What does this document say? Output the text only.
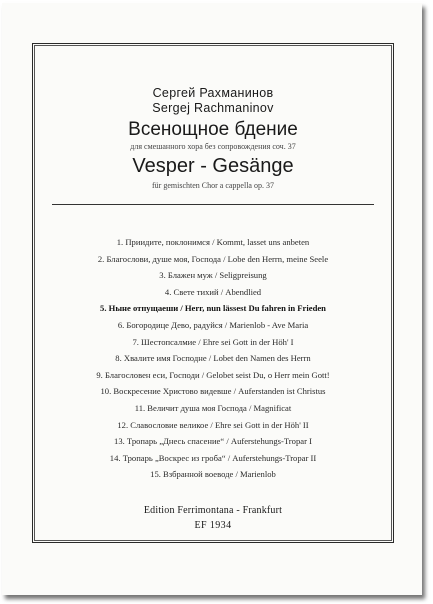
Сергей Рахманинов
Sergej Rachmaninov
Всенощное бдение
для смешанного хора без сопровождения соч. 37
Vesper - Gesänge
für gemischten Chor a cappella op. 37
1. Приидите, поклонимся / Kommt, lasset uns anbeten
2. Благослови, душе моя, Господа / Lobe den Herrn, meine Seele
3. Блажен муж / Seligpreisung
4. Свете тихий / Abendlied
5. Ныне отпущаеши / Herr, nun lässest Du fahren in Frieden
6. Богородице Дево, радуйся / Marienlob - Ave Maria
7. Шестопсалмие / Ehre sei Gott in der Höh' I
8. Хвалите имя Господне / Lobet den Namen des Herrn
9. Благословен еси, Господи / Gelobet seist Du, o Herr mein Gott!
10. Воскресение Христово видевше / Auferstanden ist Christus
11. Величит душа моя Господа / Magnificat
12. Славословие великое / Ehre sei Gott in der Höh' II
13. Тропарь „Днесь спасение“ / Auferstehungs-Tropar I
14. Тропарь „Воскрес из гроба“ / Auferstehungs-Tropar II
15. Взбранной воеводе / Marienlob
Edition Ferrimontana - Frankfurt
EF 1934
